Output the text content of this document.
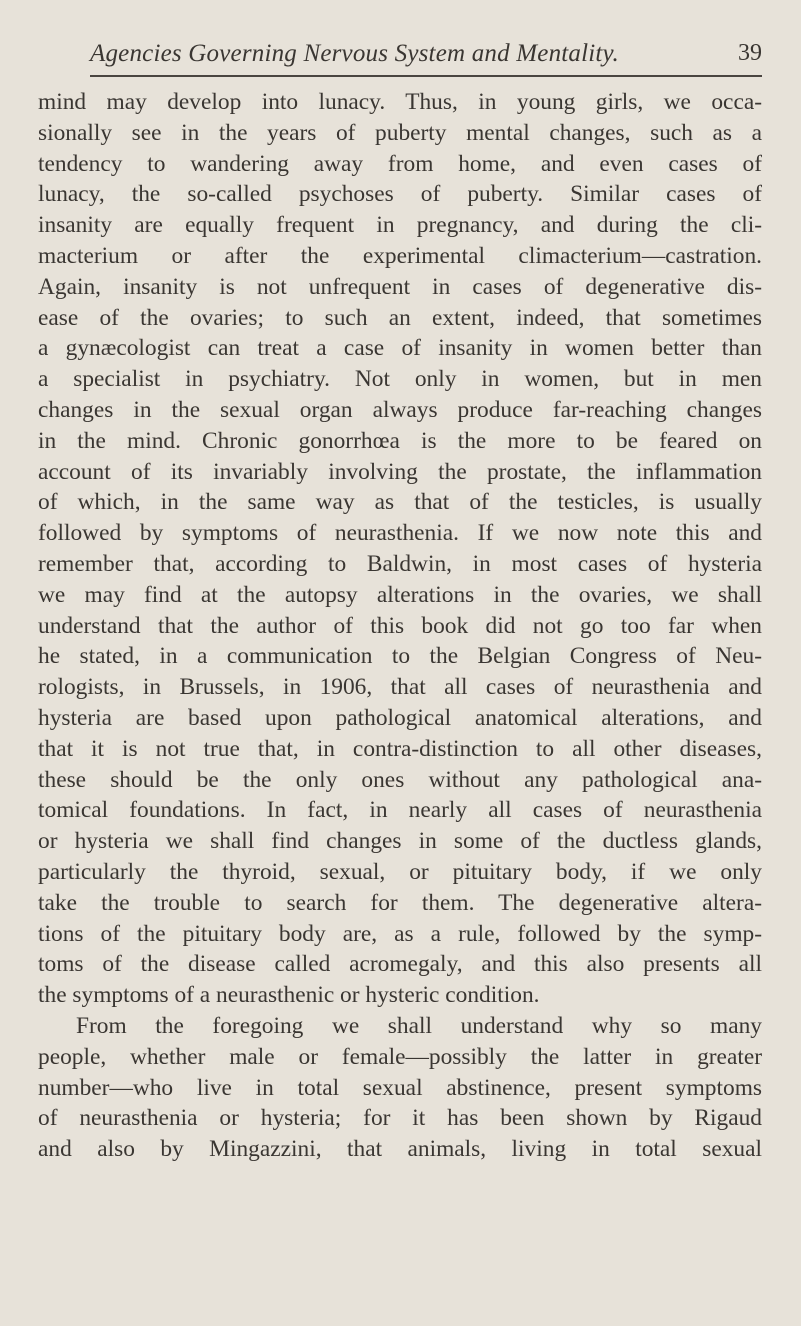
Agencies Governing Nervous System and Mentality.	39
mind may develop into lunacy. Thus, in young girls, we occa-
sionally see in the years of puberty mental changes, such as a
tendency to wandering away from home, and even cases of
lunacy, the so-called psychoses of puberty. Similar cases of
insanity are equally frequent in pregnancy, and during the cli-
macterium or after the experimental climacterium—castration.
Again, insanity is not unfrequent in cases of degenerative dis-
ease of the ovaries; to such an extent, indeed, that sometimes
a gynæcologist can treat a case of insanity in women better than
a specialist in psychiatry. Not only in women, but in men
changes in the sexual organ always produce far-reaching changes
in the mind. Chronic gonorrhœa is the more to be feared on
account of its invariably involving the prostate, the inflammation
of which, in the same way as that of the testicles, is usually
followed by symptoms of neurasthenia. If we now note this and
remember that, according to Baldwin, in most cases of hysteria
we may find at the autopsy alterations in the ovaries, we shall
understand that the author of this book did not go too far when
he stated, in a communication to the Belgian Congress of Neu-
rologists, in Brussels, in 1906, that all cases of neurasthenia and
hysteria are based upon pathological anatomical alterations, and
that it is not true that, in contra-distinction to all other diseases,
these should be the only ones without any pathological ana-
tomical foundations. In fact, in nearly all cases of neurasthenia
or hysteria we shall find changes in some of the ductless glands,
particularly the thyroid, sexual, or pituitary body, if we only
take the trouble to search for them. The degenerative altera-
tions of the pituitary body are, as a rule, followed by the symp-
toms of the disease called acromegaly, and this also presents all
the symptoms of a neurasthenic or hysteric condition.
From the foregoing we shall understand why so many
people, whether male or female—possibly the latter in greater
number—who live in total sexual abstinence, present symptoms
of neurasthenia or hysteria; for it has been shown by Rigaud
and also by Mingazzini, that animals, living in total sexual
